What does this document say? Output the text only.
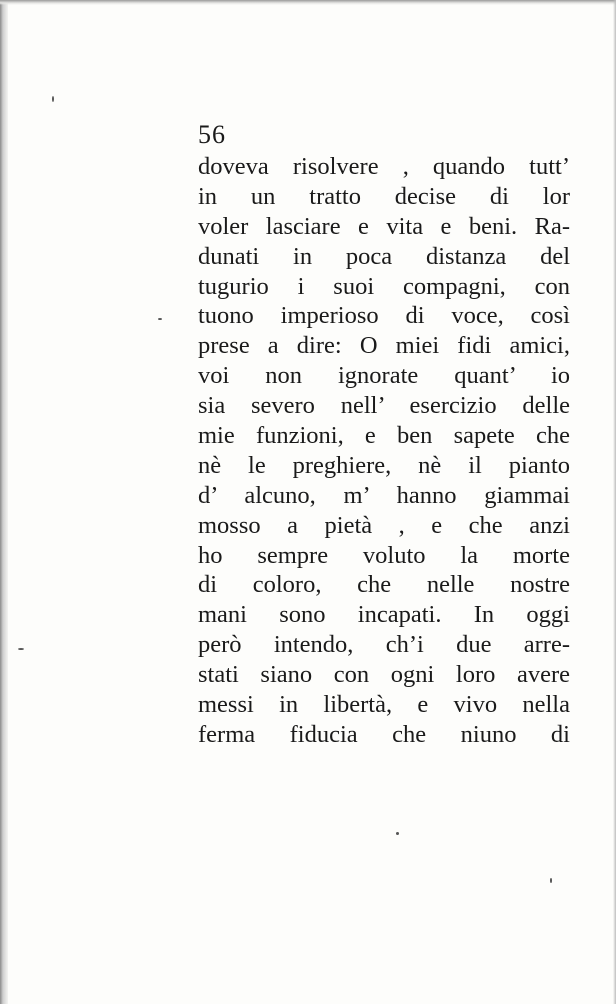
56
doveva risolvere , quando tutt’
in un tratto decise di lor
voler lasciare e vita e beni. Ra-
dunati in poca distanza del
tugurio i suoi compagni, con
tuono imperioso di voce, così
prese a dire: O miei fidi amici,
voi non ignorate quant’ io
sia severo nell’ esercizio delle
mie funzioni, e ben sapete che
nè le preghiere, nè il pianto
d’ alcuno, m’ hanno giammai
mosso a pietà , e che anzi
ho sempre voluto la morte
di coloro, che nelle nostre
mani sono incapati. In oggi
però intendo, ch’i due arre-
stati siano con ogni loro avere
messi in libertà, e vivo nella
ferma fiducia che niuno di
